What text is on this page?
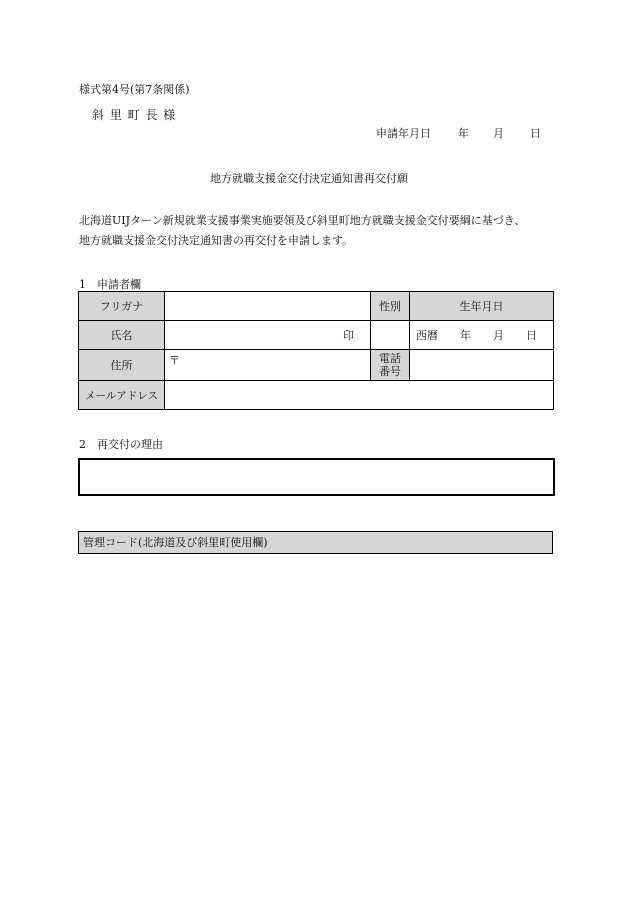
様式第4号(第7条関係)
斜 里 町 長 様
申請年月日 年 月 日
地方就職支援金交付決定通知書再交付願
北海道UIJターン新規就業支援事業実施要領及び斜里町地方就職支援金交付要綱に基づき、
地方就職支援金交付決定通知書の再交付を申請します。
1　申請者欄
フリガナ		性別	生年月日
氏名	印		西暦 年 月 日
住所	〒	電話
番号	

メールアドレス			
2　再交付の理由
管理コード(北海道及び斜里町使用欄)
